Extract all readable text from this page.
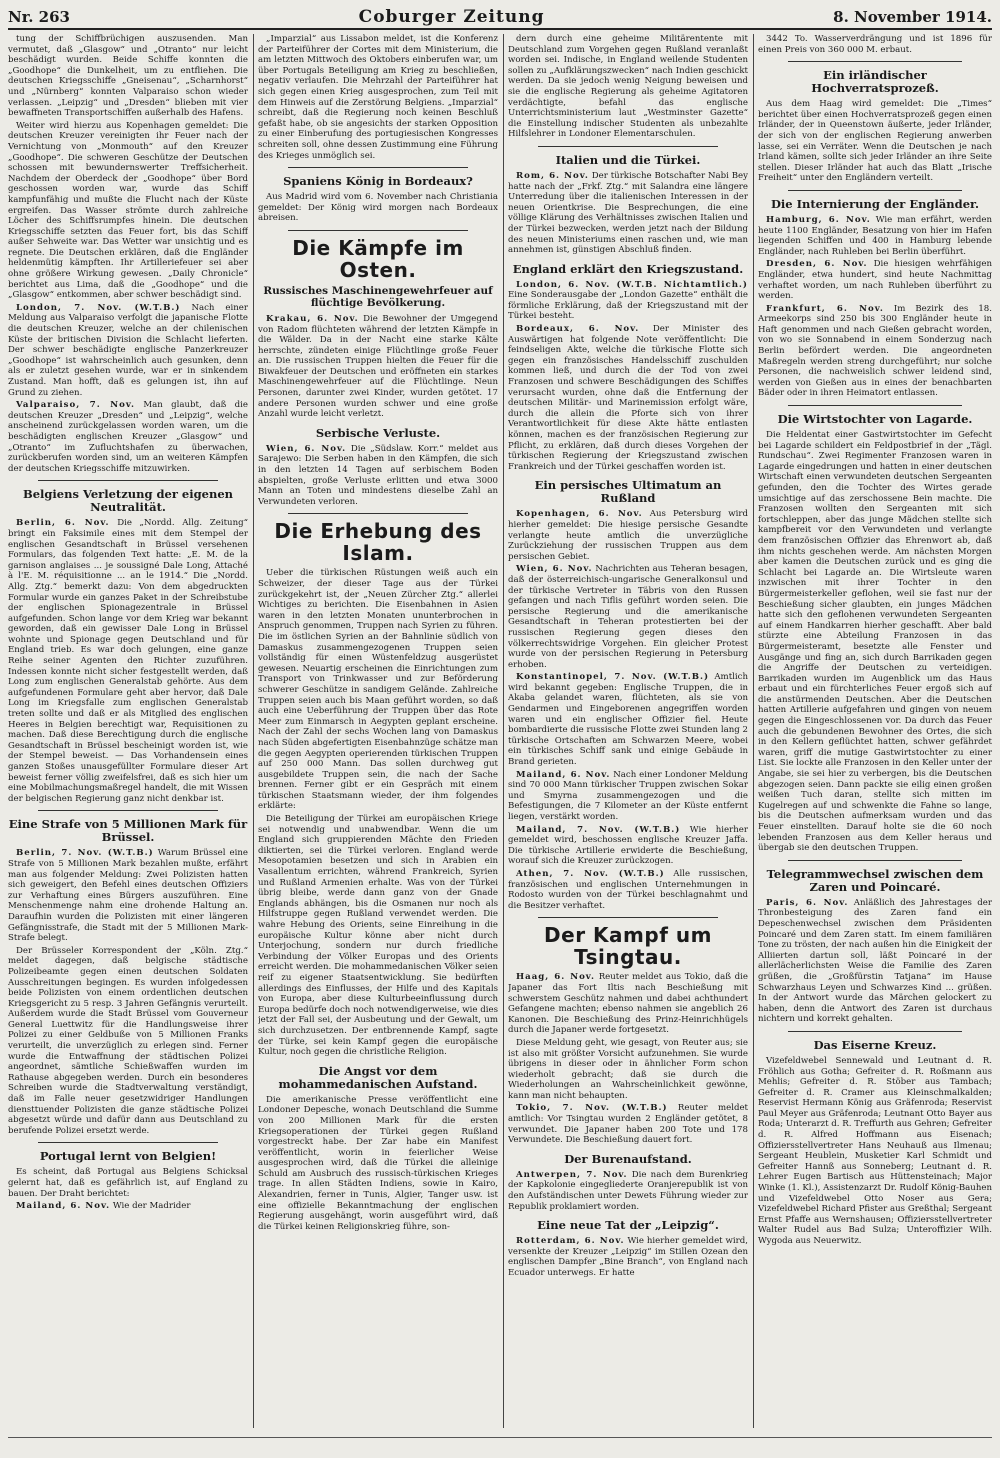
Nr. 263	Coburger Zeitung	8. November 1914.

tung der Schiffbrüchigen auszusenden. Man vermutet, daß „Glasgow“ und „Otranto“ nur leicht beschädigt wurden. Beide Schiffe konnten die „Goodhope“ die Dunkelheit, um zu entfliehen. Die deutschen Kriegsschiffe „Gneisenau“, „Scharnhorst“ und „Nürnberg“ konnten Valparaiso schon wieder verlassen. „Leipzig“ und „Dresden“ blieben mit vier bewaffneten Transportschiffen außerhalb des Hafens.

Weiter wird hierzu aus Kopenhagen gemeldet: Die deutschen Kreuzer vereinigten ihr Feuer nach der Vernichtung von „Monmouth“ auf den Kreuzer „Goodhope“. Die schweren Geschütze der Deutschen schossen mit bewundernswerter Treffsicherheit. Nachdem der Oberdeck der „Goodhope“ über Bord geschossen worden war, wurde das Schiff kampfunfähig und mußte die Flucht nach der Küste ergreifen. Das Wasser strömte durch zahlreiche Löcher des Schiffsrumpfes hinein. Die deutschen Kriegsschiffe setzten das Feuer fort, bis das Schiff außer Sehweite war. Das Wetter war unsichtig und es regnete. Die Deutschen erklären, daß die Engländer heldenmütig kämpften. Ihr Artilleriefeuer sei aber ohne größere Wirkung gewesen. „Daily Chronicle“ berichtet aus Lima, daß die „Goodhope“ und die „Glasgow“ entkommen, aber schwer beschädigt sind.

London, 7. Nov. (W.T.B.) Nach einer Meldung aus Valparaiso verfolgt die japanische Flotte die deutschen Kreuzer, welche an der chilenischen Küste der britischen Division die Schlacht lieferten. Der schwer beschädigte englische Panzerkreuzer „Goodhope“ ist wahrscheinlich auch gesunken, denn als er zuletzt gesehen wurde, war er in sinkendem Zustand. Man hofft, daß es gelungen ist, ihn auf Grund zu ziehen.

Valparaiso, 7. Nov. Man glaubt, daß die deutschen Kreuzer „Dresden“ und „Leipzig“, welche anscheinend zurückgelassen worden waren, um die beschädigten englischen Kreuzer „Glasgow“ und „Otranto“ im Zufluchtshafen zu überwachen, zurückberufen worden sind, um an weiteren Kämpfen der deutschen Kriegsschiffe mitzuwirken.

Belgiens Verletzung der eigenen Neutralität.

Berlin, 6. Nov. Die „Nordd. Allg. Zeitung“ bringt ein Faksimile eines mit dem Stempel der englischen Gesandtschaft in Brüssel versehenen Formulars, das folgenden Text hatte: „E. M. de la garnison anglaises ... je soussigné Dale Long, Attaché à l'E. M. réquisitionne ... an le 1914.“ Die „Nordd. Allg. Ztg.“ bemerkt dazu: Von dem abgedruckten Formular wurde ein ganzes Paket in der Schreibstube der englischen Spionagezentrale in Brüssel aufgefunden. Schon lange vor dem Krieg war bekannt geworden, daß ein gewisser Dale Long in Brüssel wohnte und Spionage gegen Deutschland und für England trieb. Es war doch gelungen, eine ganze Reihe seiner Agenten den Richter zuzuführen. Indessen konnte nicht sicher festgestellt werden, daß Long zum englischen Generalstab gehörte. Aus dem aufgefundenen Formulare geht aber hervor, daß Dale Long im Kriegsfalle zum englischen Generalstab treten sollte und daß er als Mitglied des englischen Heeres in Belgien berechtigt war, Requisitionen zu machen. Daß diese Berechtigung durch die englische Gesandtschaft in Brüssel bescheinigt worden ist, wie der Stempel beweist. — Das Vorhandensein eines ganzen Stoßes unausgefüllter Formulare dieser Art beweist ferner völlig zweifelsfrei, daß es sich hier um eine Mobilmachungsmaßregel handelt, die mit Wissen der belgischen Regierung ganz nicht denkbar ist.

Eine Strafe von 5 Millionen Mark für Brüssel.

Berlin, 7. Nov. (W.T.B.) Warum Brüssel eine Strafe von 5 Millionen Mark bezahlen mußte, erfährt man aus folgender Meldung: Zwei Polizisten hatten sich geweigert, den Befehl eines deutschen Offiziers zur Verhaftung eines Bürgers auszuführen. Eine Menschenmenge nahm eine drohende Haltung an. Daraufhin wurden die Polizisten mit einer längeren Gefängnisstrafe, die Stadt mit der 5 Millionen Mark-Strafe belegt.

Der Brüsseler Korrespondent der „Köln. Ztg.“ meldet dagegen, daß belgische städtische Polizeibeamte gegen einen deutschen Soldaten Ausschreitungen begingen. Es wurden infolgedessen beide Polizisten von einem ordentlichen deutschen Kriegsgericht zu 5 resp. 3 Jahren Gefängnis verurteilt. Außerdem wurde die Stadt Brüssel vom Gouverneur General Luettwitz für die Handlungsweise ihrer Polizei zu einer Geldbuße von 5 Millionen Franks verurteilt, die unverzüglich zu erlegen sind. Ferner wurde die Entwaffnung der städtischen Polizei angeordnet, sämtliche Schießwaffen wurden im Rathause abgegeben werden. Durch ein besonderes Schreiben wurde die Stadtverwaltung verständigt, daß im Falle neuer gesetzwidriger Handlungen diensttuender Polizisten die ganze städtische Polizei abgesetzt würde und dafür dann aus Deutschland zu berufende Polizei ersetzt werde.

Portugal lernt von Belgien!

Es scheint, daß Portugal aus Belgiens Schicksal gelernt hat, daß es gefährlich ist, auf England zu bauen. Der Draht berichtet:

Mailand, 6. Nov. Wie der Madrider

„Imparzial“ aus Lissabon meldet, ist die Konferenz der Parteiführer der Cortes mit dem Ministerium, die am letzten Mittwoch des Oktobers einberufen war, um über Portugals Beteiligung am Krieg zu beschließen, negativ verlaufen. Die Mehrzahl der Parteiführer hat sich gegen einen Krieg ausgesprochen, zum Teil mit dem Hinweis auf die Zerstörung Belgiens. „Imparzial“ schreibt, daß die Regierung noch keinen Beschluß gefaßt habe, ob sie angesichts der starken Opposition zu einer Einberufung des portugiesischen Kongresses schreiten soll, ohne dessen Zustimmung eine Führung des Krieges unmöglich sei.

Spaniens König in Bordeaux?

Aus Madrid wird vom 6. November nach Christiania gemeldet: Der König wird morgen nach Bordeaux abreisen.

Die Kämpfe im Osten.
Russisches Maschinengewehrfeuer auf flüchtige Bevölkerung.

Krakau, 6. Nov. Die Bewohner der Umgegend von Radom flüchteten während der letzten Kämpfe in die Wälder. Da in der Nacht eine starke Kälte herrschte, zündeten einige Flüchtlinge große Feuer an. Die russischen Truppen hielten die Feuer für die Biwakfeuer der Deutschen und eröffneten ein starkes Maschinengewehrfeuer auf die Flüchtlinge. Neun Personen, darunter zwei Kinder, wurden getötet. 17 andere Personen wurden schwer und eine große Anzahl wurde leicht verletzt.

Serbische Verluste.

Wien, 6. Nov. Die „Südslaw. Korr.“ meldet aus Sarajewo: Die Serben haben in den Kämpfen, die sich in den letzten 14 Tagen auf serbischem Boden abspielten, große Verluste erlitten und etwa 3000 Mann an Toten und mindestens dieselbe Zahl an Verwundeten verloren.

Die Erhebung des Islam.

Ueber die türkischen Rüstungen weiß auch ein Schweizer, der dieser Tage aus der Türkei zurückgekehrt ist, der „Neuen Zürcher Ztg.“ allerlei Wichtiges zu berichten. Die Eisenbahnen in Asien waren in den letzten Monaten ununterbrochen in Anspruch genommen, Truppen nach Syrien zu führen. Die im östlichen Syrien an der Bahnlinie südlich von Damaskus zusammengezogenen Truppen seien vollständig für einen Wüstenfeldzug ausgerüstet gewesen. Neuartig erscheinen die Einrichtungen zum Transport von Trinkwasser und zur Beförderung schwerer Geschütze in sandigem Gelände. Zahlreiche Truppen seien auch bis Maan geführt worden, so daß auch eine Ueberführung der Truppen über das Rote Meer zum Einmarsch in Aegypten geplant erscheine. Nach der Zahl der sechs Wochen lang von Damaskus nach Süden abgefertigten Eisenbahnzüge schätze man die gegen Aegypten operierenden türkischen Truppen auf 250 000 Mann. Das sollen durchweg gut ausgebildete Truppen sein, die nach der Sache brennen. Ferner gibt er ein Gespräch mit einem türkischen Staatsmann wieder, der ihm folgendes erklärte:

Die Beteiligung der Türkei am europäischen Kriege sei notwendig und unabwendbar. Wenn die um England sich gruppierenden Mächte den Frieden diktierten, sei die Türkei verloren. England werde Mesopotamien besetzen und sich in Arabien ein Vasallentum errichten, während Frankreich, Syrien und Rußland Armenien erhalte. Was von der Türkei übrig bleibe, werde dann ganz von der Gnade Englands abhängen, bis die Osmanen nur noch als Hilfstruppe gegen Rußland verwendet werden. Die wahre Hebung des Orients, seine Einreihung in die europäische Kultur könne aber nicht durch Unterjochung, sondern nur durch friedliche Verbindung der Völker Europas und des Orients erreicht werden. Die mohammedanischen Völker seien reif zu eigener Staatsentwicklung. Sie bedürften allerdings des Einflusses, der Hilfe und des Kapitals von Europa, aber diese Kulturbeeinflussung durch Europa bedürfe doch noch notwendigerweise, wie dies jetzt der Fall sei, der Ausbeutung und der Gewalt, um sich durchzusetzen. Der entbrennende Kampf, sagte der Türke, sei kein Kampf gegen die europäische Kultur, noch gegen die christliche Religion.

Die Angst vor dem mohammedanischen Aufstand.

Die amerikanische Presse veröffentlicht eine Londoner Depesche, wonach Deutschland die Summe von 200 Millionen Mark für die ersten Kriegsoperationen der Türkei gegen Rußland vorgestreckt habe. Der Zar habe ein Manifest veröffentlicht, worin in feierlicher Weise ausgesprochen wird, daß die Türkei die alleinige Schuld am Ausbruch des russisch-türkischen Krieges trage. In allen Städten Indiens, sowie in Kairo, Alexandrien, ferner in Tunis, Algier, Tanger usw. ist eine offizielle Bekanntmachung der englischen Regierung ausgehängt, worin ausgeführt wird, daß die Türkei keinen Religionskrieg führe, son-

dern durch eine geheime Militärentente mit Deutschland zum Vorgehen gegen Rußland veranlaßt worden sei. Indische, in England weilende Studenten sollen zu „Aufklärungszwecken“ nach Indien geschickt werden. Da sie jedoch wenig Neigung beweisen und sie die englische Regierung als geheime Agitatoren verdächtigte, befahl das englische Unterrichtsministerium laut „Westminster Gazette“ die Einstellung indischer Studenten als unbezahlte Hilfslehrer in Londoner Elementarschulen.

Italien und die Türkei.

Rom, 6. Nov. Der türkische Botschafter Nabi Bey hatte nach der „Frkf. Ztg.“ mit Salandra eine längere Unterredung über die italienischen Interessen in der neuen Orientkrise. Die Besprechungen, die eine völlige Klärung des Verhältnisses zwischen Italien und der Türkei bezwecken, werden jetzt nach der Bildung des neuen Ministeriums einen raschen und, wie man annehmen ist, günstigen Abschluß finden.

England erklärt den Kriegszustand.

London, 6. Nov. (W.T.B. Nichtamtlich.) Eine Sonderausgabe der „London Gazette“ enthält die förmliche Erklärung, daß der Kriegszustand mit der Türkei besteht.

Bordeaux, 6. Nov. Der Minister des Auswärtigen hat folgende Note veröffentlicht: Die feindseligen Akte, welche die türkische Flotte sich gegen ein französisches Handelsschiff zuschulden kommen ließ, und durch die der Tod von zwei Franzosen und schwere Beschädigungen des Schiffes verursacht wurden, ohne daß die Entfernung der deutschen Militär- und Marinemission erfolgt wäre, durch die allein die Pforte sich von ihrer Verantwortlichkeit für diese Akte hätte entlasten können, machen es der französischen Regierung zur Pflicht, zu erklären, daß durch dieses Vorgehen der türkischen Regierung der Kriegszustand zwischen Frankreich und der Türkei geschaffen worden ist.

Ein persisches Ultimatum an Rußland

Kopenhagen, 6. Nov. Aus Petersburg wird hierher gemeldet: Die hiesige persische Gesandte verlangte heute amtlich die unverzügliche Zurückziehung der russischen Truppen aus dem persischen Gebiet.

Wien, 6. Nov. Nachrichten aus Teheran besagen, daß der österreichisch-ungarische Generalkonsul und der türkische Vertreter in Täbris von den Russen gefangen und nach Tiflis geführt worden seien. Die persische Regierung und die amerikanische Gesandtschaft in Teheran protestierten bei der russischen Regierung gegen dieses den völkerrechtswidrige Vorgehen. Ein gleicher Protest wurde von der persischen Regierung in Petersburg erhoben.

Konstantinopel, 7. Nov. (W.T.B.) Amtlich wird bekannt gegeben: Englische Truppen, die in Akaba gelandet waren, flüchteten, als sie von Gendarmen und Eingeborenen angegriffen worden waren und ein englischer Offizier fiel. Heute bombardierte die russische Flotte zwei Stunden lang 2 türkische Ortschaften am Schwarzen Meere, wobei ein türkisches Schiff sank und einige Gebäude in Brand gerieten.

Mailand, 6. Nov. Nach einer Londoner Meldung sind 70 000 Mann türkischer Truppen zwischen Sokar und Smyrna zusammengezogen und die Befestigungen, die 7 Kilometer an der Küste entfernt liegen, verstärkt worden.

Mailand, 7. Nov. (W.T.B.) Wie hierher gemeldet wird, beschossen englische Kreuzer Jaffa. Die türkische Artillerie erwiderte die Beschießung, worauf sich die Kreuzer zurückzogen.

Athen, 7. Nov. (W.T.B.) Alle russischen, französischen und englischen Unternehmungen in Rodosto wurden von der Türkei beschlagnahmt und die Besitzer verhaftet.

Der Kampf um Tsingtau.

Haag, 6. Nov. Reuter meldet aus Tokio, daß die Japaner das Fort Iltis nach Beschießung mit schwerstem Geschütz nahmen und dabei achthundert Gefangene machten; ebenso nahmen sie angeblich 26 Kanonen. Die Beschießung des Prinz-Heinrichhügels durch die Japaner werde fortgesetzt.

Diese Meldung geht, wie gesagt, von Reuter aus; sie ist also mit größter Vorsicht aufzunehmen. Sie wurde übrigens in dieser oder in ähnlicher Form schon wiederholt gebracht; daß sie durch die Wiederholungen an Wahrscheinlichkeit gewönne, kann man nicht behaupten.

Tokio, 7. Nov. (W.T.B.) Reuter meldet amtlich: Vor Tsingtau wurden 2 Engländer getötet, 8 verwundet. Die Japaner haben 200 Tote und 178 Verwundete. Die Beschießung dauert fort.

Der Burenaufstand.

Antwerpen, 7. Nov. Die nach dem Burenkrieg der Kapkolonie eingegliederte Oranjerepublik ist von den Aufständischen unter Dewets Führung wieder zur Republik proklamiert worden.

Eine neue Tat der „Leipzig“.

Rotterdam, 6. Nov. Wie hierher gemeldet wird, versenkte der Kreuzer „Leipzig“ im Stillen Ozean den englischen Dampfer „Bine Branch“, von England nach Ecuador unterwegs. Er hatte

3442 To. Wasserverdrängung und ist 1896 für einen Preis von 360 000 M. erbaut.

Ein irländischer Hochverratsprozeß.

Aus dem Haag wird gemeldet: Die „Times“ berichtet über einen Hochverratsprozeß gegen einen Irländer, der in Queenstown äußerte, jeder Irländer, der sich von der englischen Regierung anwerben lasse, sei ein Verräter. Wenn die Deutschen je nach Irland kämen, sollte sich jeder Irländer an ihre Seite stellen. Dieser Irländer hat auch das Blatt „Irische Freiheit“ unter den Engländern verteilt.

Die Internierung der Engländer.

Hamburg, 6. Nov. Wie man erfährt, werden heute 1100 Engländer, Besatzung von hier im Hafen liegenden Schiffen und 400 in Hamburg lebende Engländer, nach Ruhleben bei Berlin überführt.

Dresden, 6. Nov. Die hiesigen wehrfähigen Engländer, etwa hundert, sind heute Nachmittag verhaftet worden, um nach Ruhleben überführt zu werden.

Frankfurt, 6. Nov. Im Bezirk des 18. Armeekorps sind 250 bis 300 Engländer heute in Haft genommen und nach Gießen gebracht worden, von wo sie Sonnabend in einem Sonderzug nach Berlin befördert werden. Die angeordneten Maßregeln werden streng durchgeführt; nur solche Personen, die nachweislich schwer leidend sind, werden von Gießen aus in eines der benachbarten Bäder oder in ihren Heimatort entlassen.

Die Wirtstochter von Lagarde.

Die Heldentat einer Gastwirtstochter im Gefecht bei Lagarde schildert ein Feldpostbrief in der „Tägl. Rundschau“. Zwei Regimenter Franzosen waren in Lagarde eingedrungen und hatten in einer deutschen Wirtschaft einen verwundeten deutschen Sergeanten gefunden, den die Tochter des Wirtes gerade umsichtige auf das zerschossene Bein machte. Die Franzosen wollten den Sergeanten mit sich fortschleppen, aber das junge Mädchen stellte sich kampfbereit vor den Verwundeten und verlangte dem französischen Offizier das Ehrenwort ab, daß ihm nichts geschehen werde. Am nächsten Morgen aber kamen die Deutschen zurück und es ging die Schlacht bei Lagarde an. Die Wirtsleute waren inzwischen mit ihrer Tochter in den Bürgermeisterkeller geflohen, weil sie fast nur der Beschießung sicher glaubten, ein junges Mädchen hatte sich den geflohenen verwundeten Sergeanten auf einem Handkarren hierher geschafft. Aber bald stürzte eine Abteilung Franzosen in das Bürgermeisteramt, besetzte alle Fenster und Ausgänge und fing an, sich durch Barrikaden gegen die Angriffe der Deutschen zu verteidigen. Barrikaden wurden im Augenblick um das Haus erbaut und ein fürchterliches Feuer ergoß sich auf die anstürmenden Deutschen. Aber die Deutschen hatten Artillerie aufgefahren und gingen von neuem gegen die Eingeschlossenen vor. Da durch das Feuer auch die gebundenen Bewohner des Ortes, die sich in den Kellern geflüchtet hatten, schwer gefährdet waren, griff die mutige Gastwirtstochter zu einer List. Sie lockte alle Franzosen in den Keller unter der Angabe, sie sei hier zu verbergen, bis die Deutschen abgezogen seien. Dann packte sie eilig einen großen weißen Tuch daran, stellte sich mitten im Kugelregen auf und schwenkte die Fahne so lange, bis die Deutschen aufmerksam wurden und das Feuer einstellten. Darauf holte sie die 60 noch lebenden Franzosen aus dem Keller heraus und übergab sie den deutschen Truppen.

Telegrammwechsel zwischen dem Zaren und Poincaré.

Paris, 6. Nov. Anläßlich des Jahrestages der Thronbesteigung des Zaren fand ein Depeschenwechsel zwischen dem Präsidenten Poincaré und dem Zaren statt. Im einem familiären Tone zu trösten, der nach außen hin die Einigkeit der Alliierten dartun soll, läßt Poincaré in der allerlächerlichsten Weise die Familie des Zaren grüßen, die „Großfürstin Tatjana“ im Hause Schwarzhaus Leyen und Schwarzes Kind ... grüßen. In der Antwort wurde das Märchen gelockert zu haben, denn die Antwort des Zaren ist durchaus nichtern und korrekt gehalten.

Das Eiserne Kreuz.

Vizefeldwebel Sennewald und Leutnant d. R. Fröhlich aus Gotha; Gefreiter d. R. Roßmann aus Mehlis; Gefreiter d. R. Stöber aus Tambach; Gefreiter d. R. Cramer aus Kleinschmalkalden; Reservist Hermann König aus Gräfenroda; Reservist Paul Meyer aus Gräfenroda; Leutnant Otto Bayer aus Roda; Unterarzt d. R. Treffurth aus Gehren; Gefreiter d. R. Alfred Hoffmann aus Eisenach; Offiziersstellvertreter Hans Neuhauß aus Ilmenau; Sergeant Heublein, Musketier Karl Schmidt und Gefreiter Hannß aus Sonneberg; Leutnant d. R. Lehrer Eugen Bartisch aus Hüttensteinach; Major Winke (1. Kl.), Assistenzarzt Dr. Rudolf König-Bauhen und Vizefeldwebel Otto Noser aus Gera; Vizefeldwebel Richard Pfister aus Greßthal; Sergeant Ernst Pfaffe aus Wernshausen; Offiziersstellvertreter Walter Rudel aus Bad Sulza; Unteroffizier Wilh. Wygoda aus Neuerwitz.
